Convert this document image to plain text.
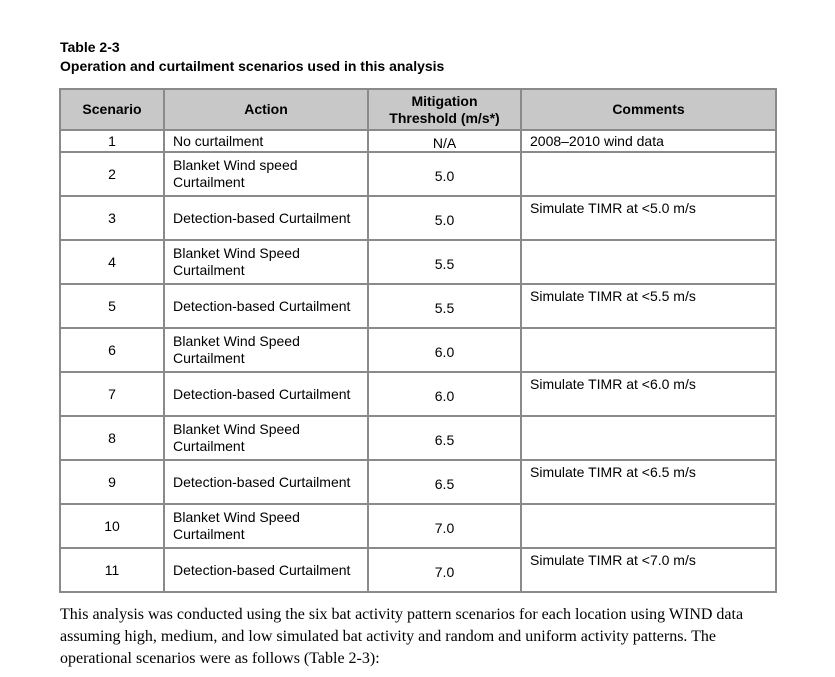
Table 2-3
Operation and curtailment scenarios used in this analysis
Scenario	Action	Mitigation Threshold (m/s*)	Comments
1	No curtailment	N/A	2008–2010 wind data
2	Blanket Wind speed Curtailment	5.0	
3	Detection-based Curtailment	5.0	Simulate TIMR at <5.0 m/s
4	Blanket Wind Speed Curtailment	5.5	
5	Detection-based Curtailment	5.5	Simulate TIMR at <5.5 m/s
6	Blanket Wind Speed Curtailment	6.0	
7	Detection-based Curtailment	6.0	Simulate TIMR at <6.0 m/s
8	Blanket Wind Speed Curtailment	6.5	
9	Detection-based Curtailment	6.5	Simulate TIMR at <6.5 m/s
10	Blanket Wind Speed Curtailment	7.0	
11	Detection-based Curtailment	7.0	Simulate TIMR at <7.0 m/s
This analysis was conducted using the six bat activity pattern scenarios for each location using WIND data assuming high, medium, and low simulated bat activity and random and uniform activity patterns. The operational scenarios were as follows (Table 2-3):
